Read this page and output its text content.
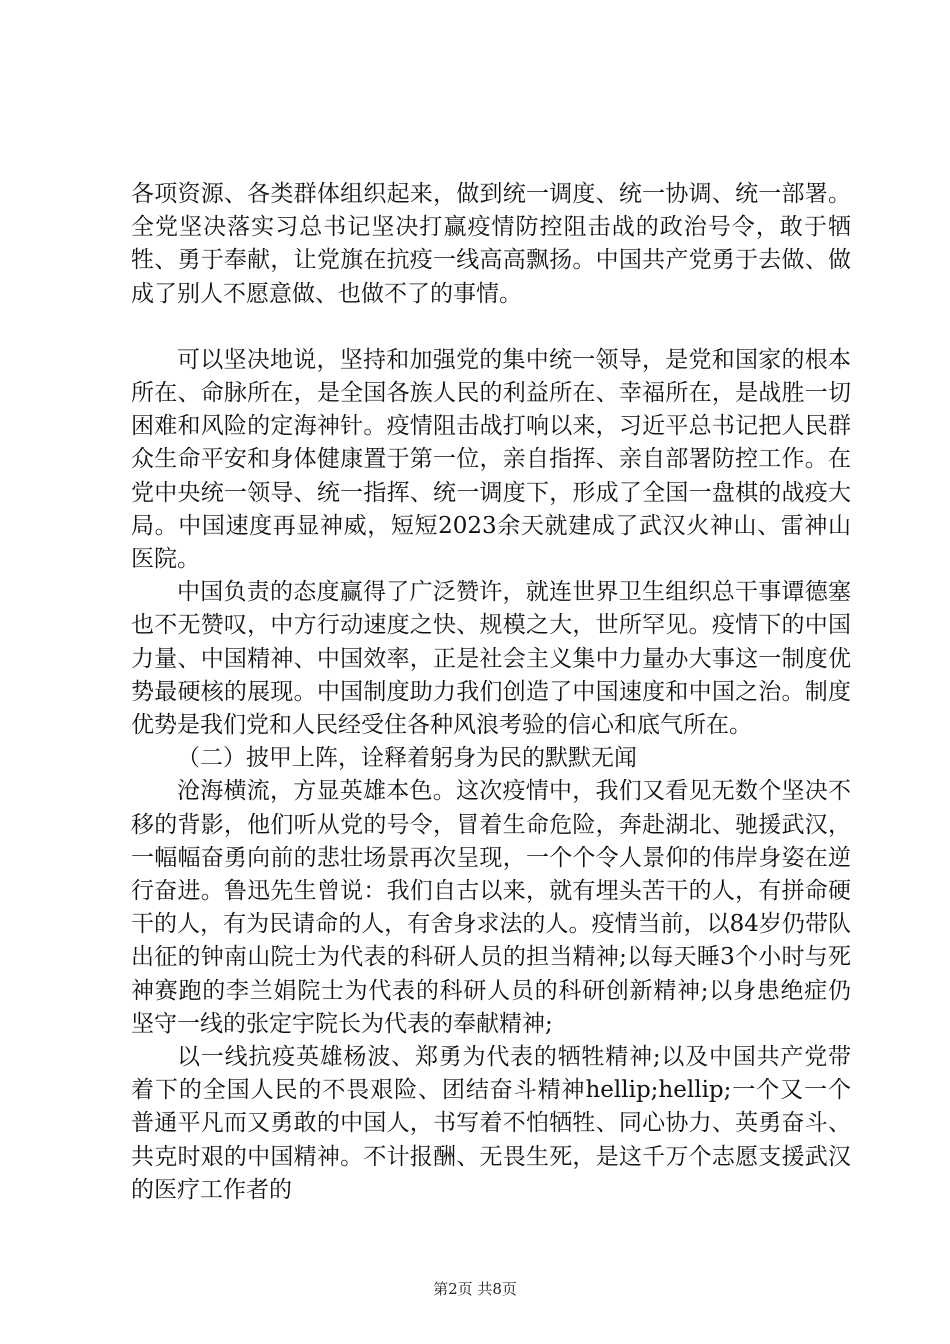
各项资源、各类群体组织起来，做到统一调度、统一协调、统一部署。全党坚决落实习总书记坚决打赢疫情防控阻击战的政治号令，敢于牺牲、勇于奉献，让党旗在抗疫一线高高飘扬。中国共产党勇于去做、做成了别人不愿意做、也做不了的事情。

可以坚决地说，坚持和加强党的集中统一领导，是党和国家的根本所在、命脉所在，是全国各族人民的利益所在、幸福所在，是战胜一切困难和风险的定海神针。疫情阻击战打响以来，习近平总书记把人民群众生命平安和身体健康置于第一位，亲自指挥、亲自部署防控工作。在党中央统一领导、统一指挥、统一调度下，形成了全国一盘棋的战疫大局。中国速度再显神威，短短2023余天就建成了武汉火神山、雷神山医院。

中国负责的态度赢得了广泛赞许，就连世界卫生组织总干事谭德塞也不无赞叹，中方行动速度之快、规模之大，世所罕见。疫情下的中国力量、中国精神、中国效率，正是社会主义集中力量办大事这一制度优势最硬核的展现。中国制度助力我们创造了中国速度和中国之治。制度优势是我们党和人民经受住各种风浪考验的信心和底气所在。

（二）披甲上阵，诠释着躬身为民的默默无闻

沧海横流，方显英雄本色。这次疫情中，我们又看见无数个坚决不移的背影，他们听从党的号令，冒着生命危险，奔赴湖北、驰援武汉，一幅幅奋勇向前的悲壮场景再次呈现，一个个令人景仰的伟岸身姿在逆行奋进。鲁迅先生曾说：我们自古以来，就有埋头苦干的人，有拼命硬干的人，有为民请命的人，有舍身求法的人。疫情当前，以84岁仍带队出征的钟南山院士为代表的科研人员的担当精神;以每天睡3个小时与死神赛跑的李兰娟院士为代表的科研人员的科研创新精神;以身患绝症仍坚守一线的张定宇院长为代表的奉献精神;

以一线抗疫英雄杨波、郑勇为代表的牺牲精神;以及中国共产党带着下的全国人民的不畏艰险、团结奋斗精神hellip;hellip;一个又一个普通平凡而又勇敢的中国人，书写着不怕牺牲、同心协力、英勇奋斗、共克时艰的中国精神。不计报酬、无畏生死，是这千万个志愿支援武汉的医疗工作者的

第2页 共8页
